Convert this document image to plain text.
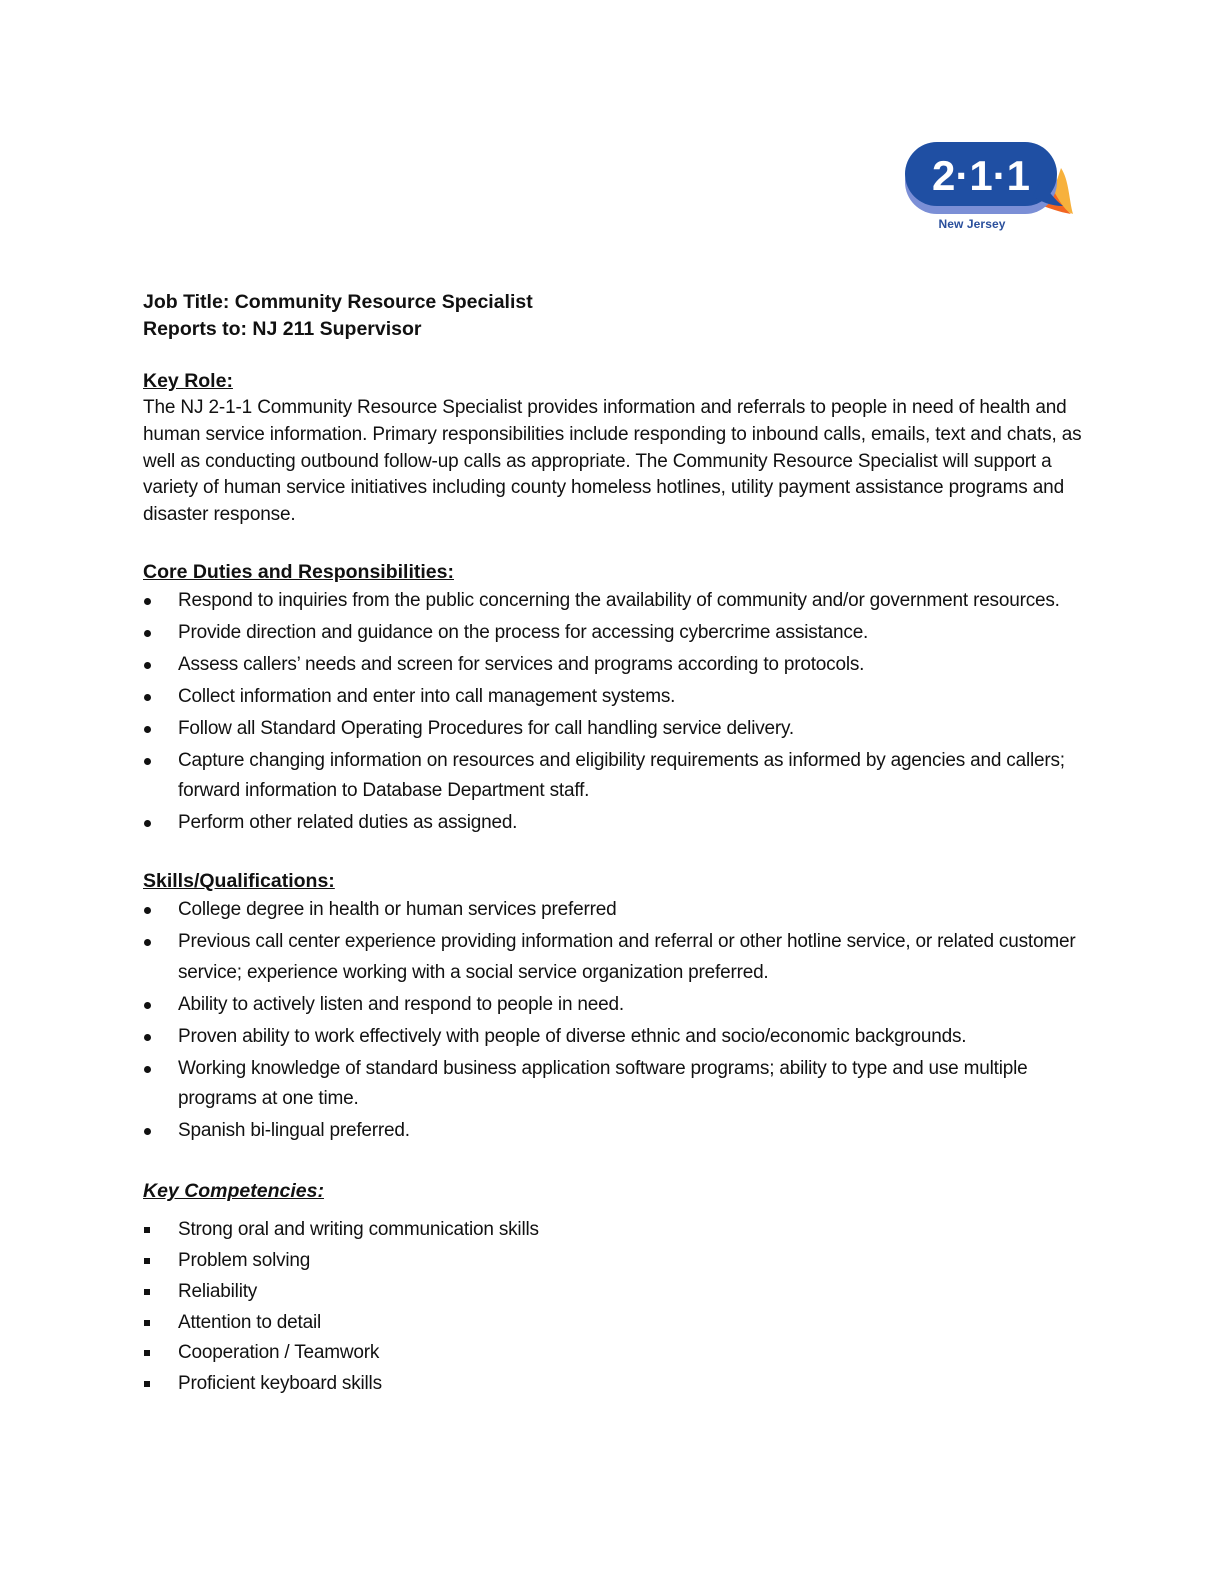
2·1·1
New Jersey

Job Title: Community Resource Specialist

Reports to: NJ 211 Supervisor

Key Role:

The NJ 2-1-1 Community Resource Specialist provides information and referrals to people in need of health and human service information. Primary responsibilities include responding to inbound calls, emails, text and chats, as well as conducting outbound follow-up calls as appropriate. The Community Resource Specialist will support a variety of human service initiatives including county homeless hotlines, utility payment assistance programs and disaster response.

Core Duties and Responsibilities:

Respond to inquiries from the public concerning the availability of community and/or government resources.
Provide direction and guidance on the process for accessing cybercrime assistance.
Assess callers’ needs and screen for services and programs according to protocols.
Collect information and enter into call management systems.
Follow all Standard Operating Procedures for call handling service delivery.
Capture changing information on resources and eligibility requirements as informed by agencies and callers; forward information to Database Department staff.
Perform other related duties as assigned.

Skills/Qualifications:

College degree in health or human services preferred
Previous call center experience providing information and referral or other hotline service, or related customer service; experience working with a social service organization preferred.
Ability to actively listen and respond to people in need.
Proven ability to work effectively with people of diverse ethnic and socio/economic backgrounds.
Working knowledge of standard business application software programs; ability to type and use multiple programs at one time.
Spanish bi-lingual preferred.

Key Competencies:

Strong oral and writing communication skills
Problem solving
Reliability
Attention to detail
Cooperation / Teamwork
Proficient keyboard skills
